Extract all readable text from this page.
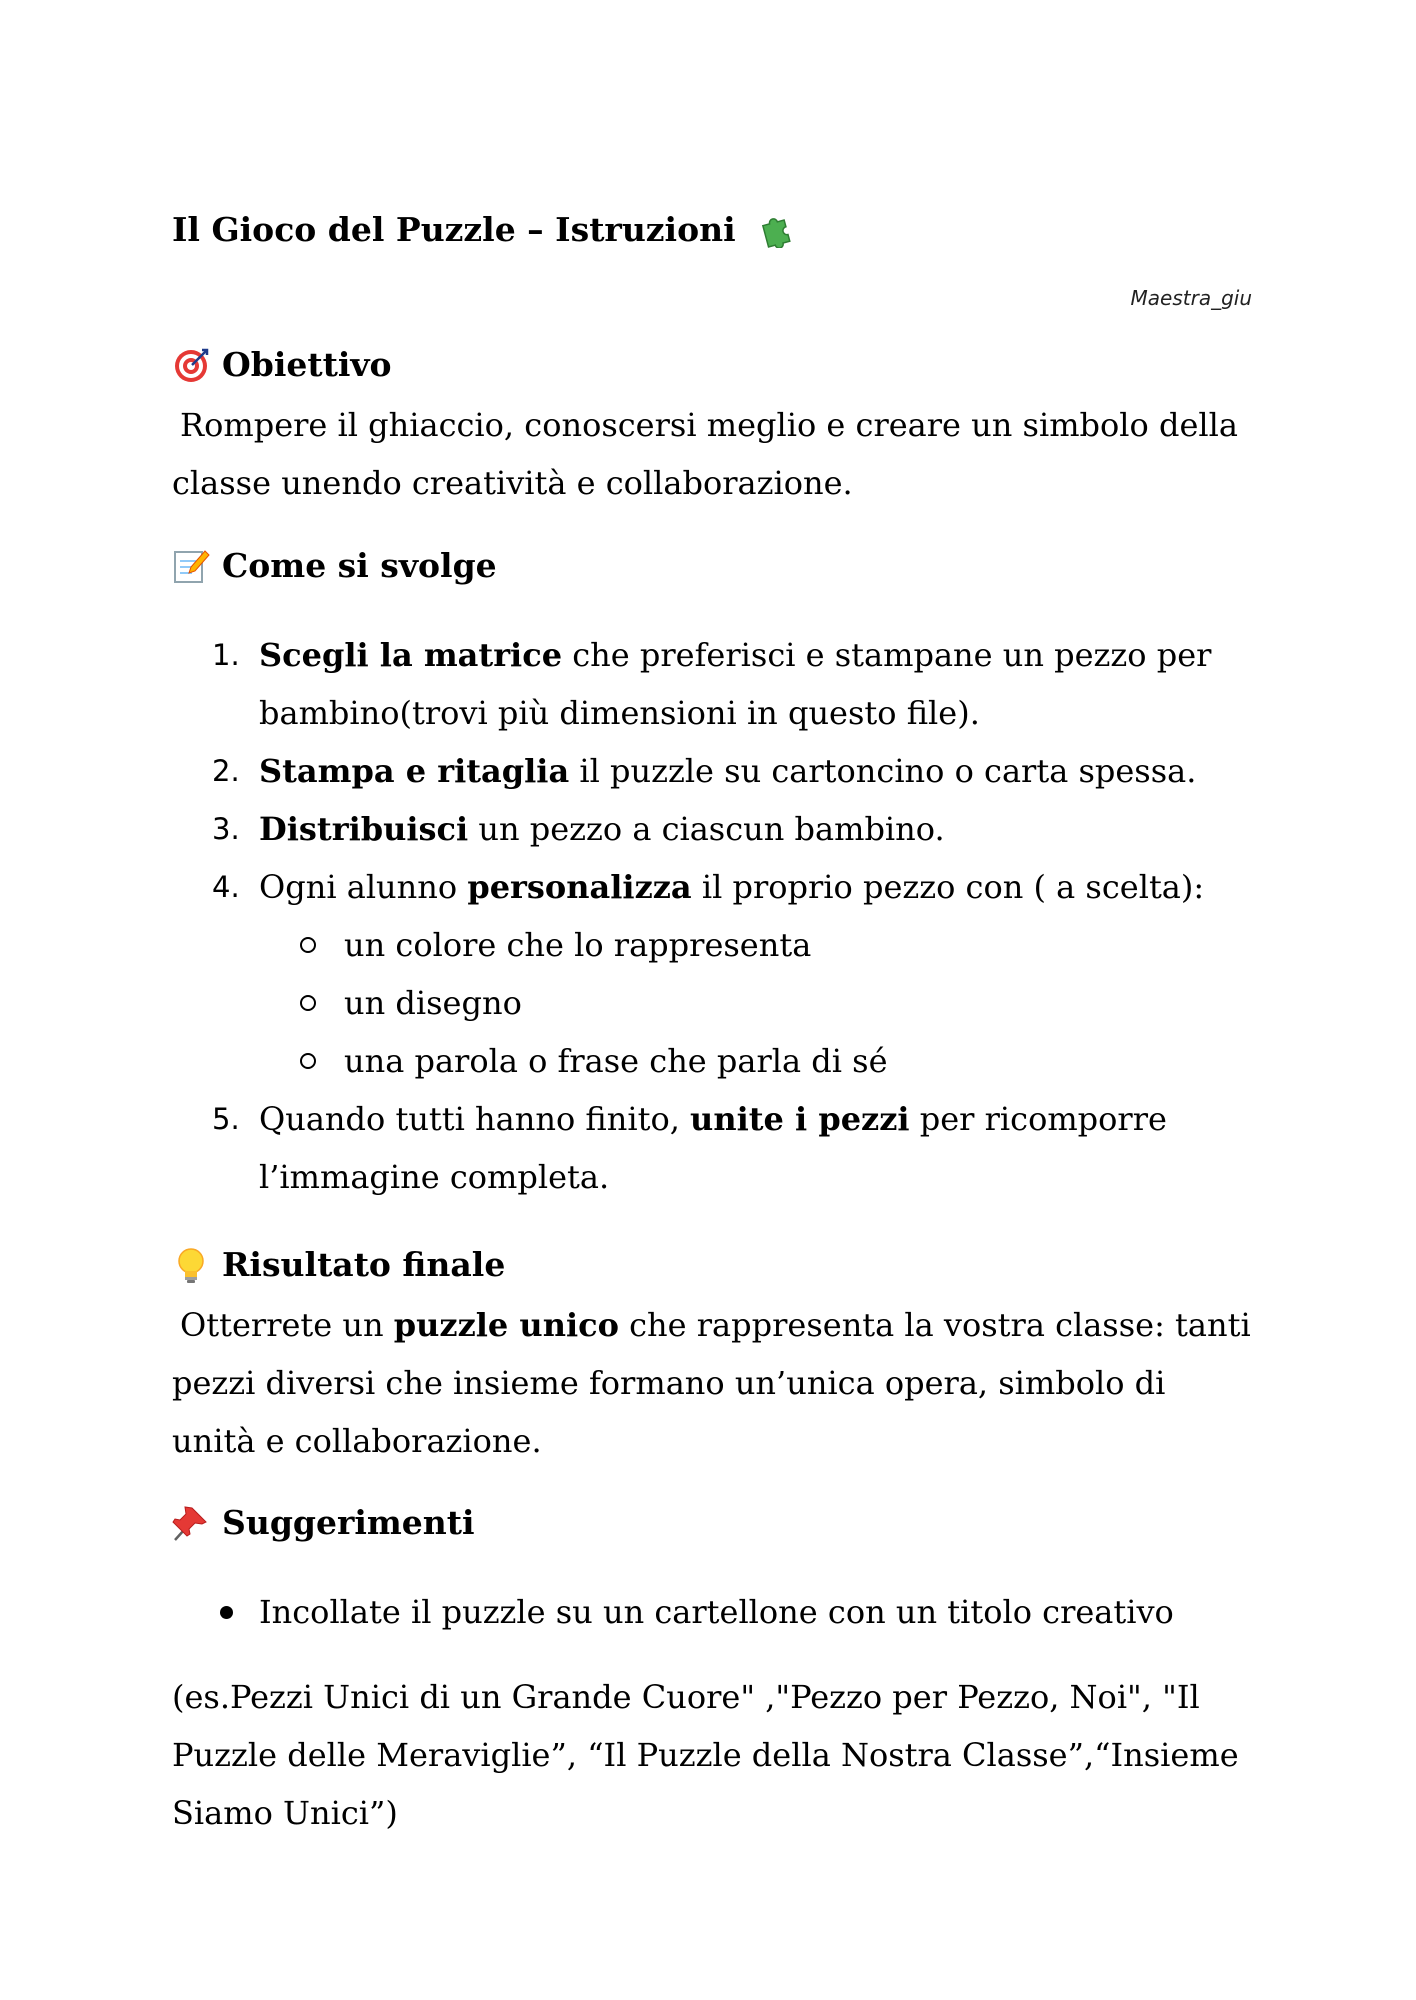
Il Gioco del Puzzle – Istruzioni
Maestra_giu
Obiettivo
Rompere il ghiaccio, conoscersi meglio e creare un simbolo della classe unendo creatività e collaborazione.
Come si svolge
1. Scegli la matrice che preferisci e stampane un pezzo per bambino(trovi più dimensioni in questo file).
2. Stampa e ritaglia il puzzle su cartoncino o carta spessa.
3. Distribuisci un pezzo a ciascun bambino.
4. Ogni alunno personalizza il proprio pezzo con ( a scelta):
un colore che lo rappresenta
un disegno
una parola o frase che parla di sé
5. Quando tutti hanno finito, unite i pezzi per ricomporre l’immagine completa.
Risultato finale
Otterrete un puzzle unico che rappresenta la vostra classe: tanti pezzi diversi che insieme formano un’unica opera, simbolo di unità e collaborazione.
Suggerimenti
Incollate il puzzle su un cartellone con un titolo creativo
(es.Pezzi Unici di un Grande Cuore" ,"Pezzo per Pezzo, Noi", "Il Puzzle delle Meraviglie”, “Il Puzzle della Nostra Classe”,“Insieme Siamo Unici”)
